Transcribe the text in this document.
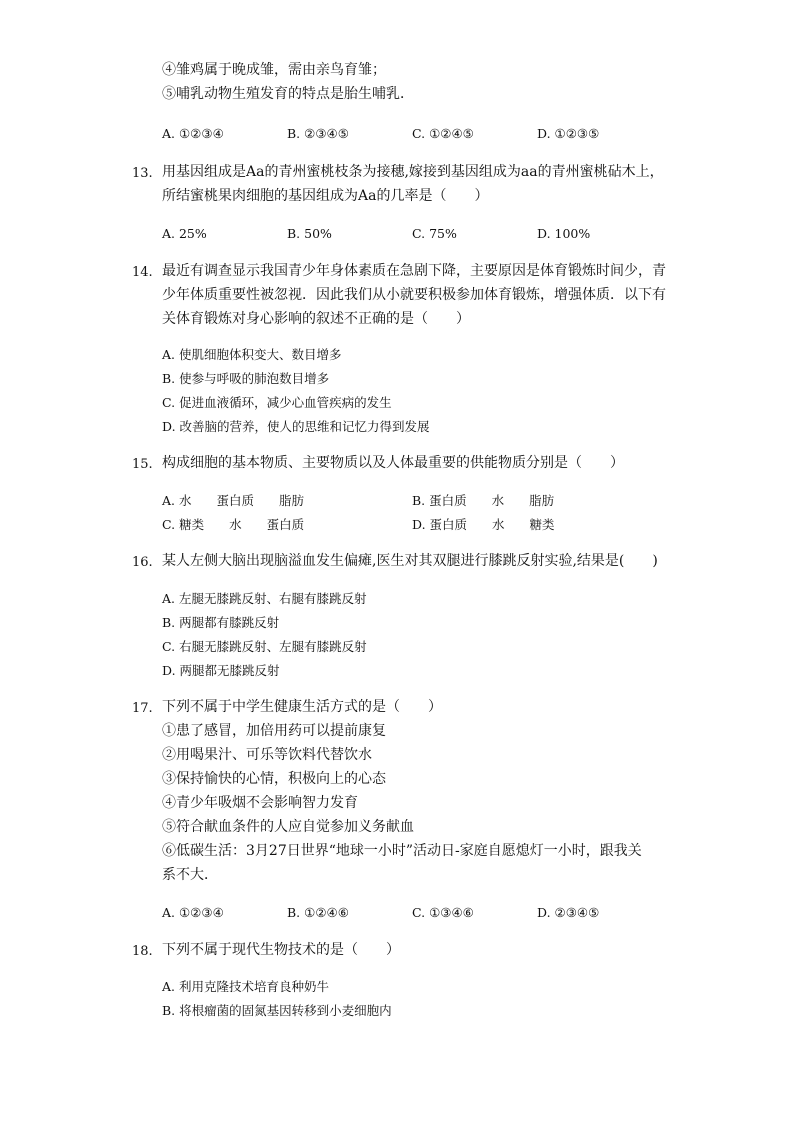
④雏鸡属于晚成雏，需由亲鸟育雏；
⑤哺乳动物生殖发育的特点是胎生哺乳．
A. ①②③④	B. ②③④⑤	C. ①②④⑤	D. ①②③⑤
13. 用基因组成是Aa的青州蜜桃枝条为接穗,嫁接到基因组成为aa的青州蜜桃砧木上，
所结蜜桃果肉细胞的基因组成为Aa的几率是（　　）
A. 25%	B. 50%	C. 75%	D. 100%
14. 最近有调查显示我国青少年身体素质在急剧下降，主要原因是体育锻炼时间少，青
少年体质重要性被忽视．因此我们从小就要积极参加体育锻炼，增强体质．以下有
关体育锻炼对身心影响的叙述不正确的是（　　）
A. 使肌细胞体积变大、数目增多
B. 使参与呼吸的肺泡数目增多
C. 促进血液循环，减少心血管疾病的发生
D. 改善脑的营养，使人的思维和记忆力得到发展
15. 构成细胞的基本物质、主要物质以及人体最重要的供能物质分别是（　　）
A. 水　　蛋白质　　脂肪	B. 蛋白质　　水　　脂肪
C. 糖类　　水　　蛋白质	D. 蛋白质　　水　　糖类
16. 某人左侧大脑出现脑溢血发生偏瘫,医生对其双腿进行膝跳反射实验,结果是(　　)
A. 左腿无膝跳反射、右腿有膝跳反射
B. 两腿都有膝跳反射
C. 右腿无膝跳反射、左腿有膝跳反射
D. 两腿都无膝跳反射
17. 下列不属于中学生健康生活方式的是（　　）
①患了感冒，加倍用药可以提前康复
②用喝果汁、可乐等饮料代替饮水
③保持愉快的心情，积极向上的心态
④青少年吸烟不会影响智力发育
⑤符合献血条件的人应自觉参加义务献血
⑥低碳生活：3月27日世界“地球一小时”活动日-家庭自愿熄灯一小时，跟我关
系不大．
A. ①②③④	B. ①②④⑥	C. ①③④⑥	D. ②③④⑤
18. 下列不属于现代生物技术的是（　　）
A. 利用克隆技术培育良种奶牛
B. 将根瘤菌的固氮基因转移到小麦细胞内
